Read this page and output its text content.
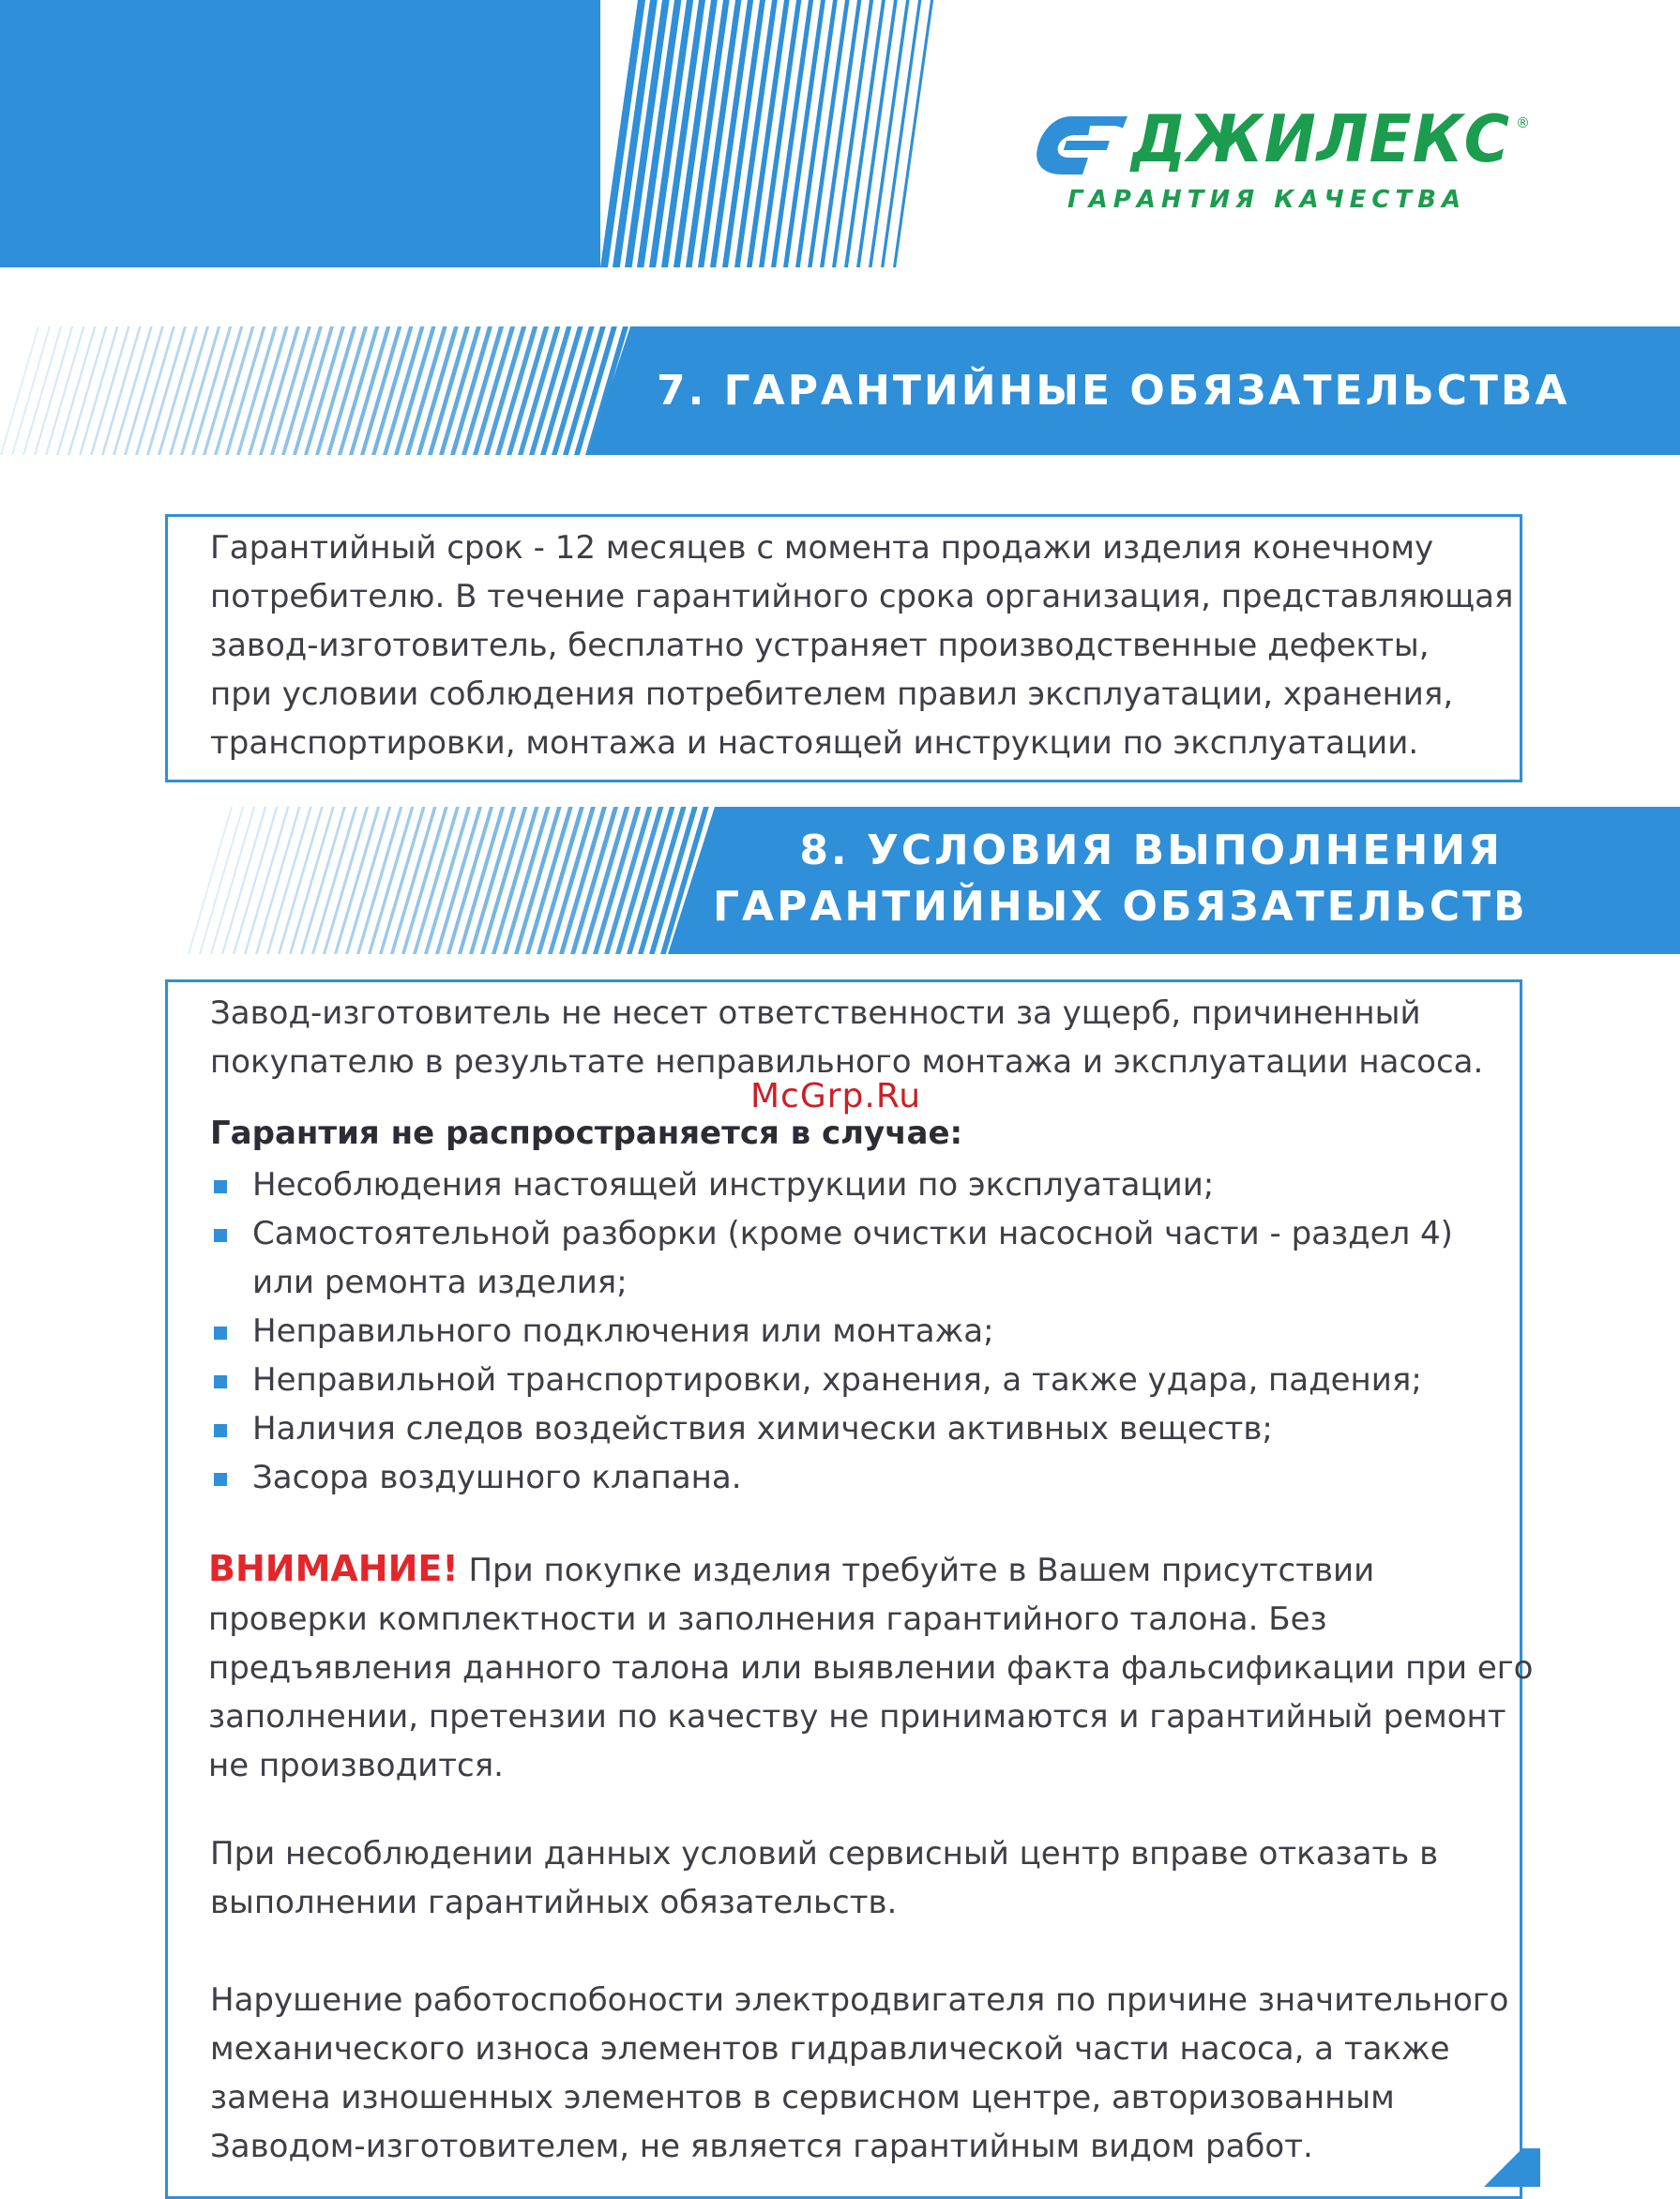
ДЖИЛЕКС ®
ГАРАНТИЯ КАЧЕСТВА
7. ГАРАНТИЙНЫЕ ОБЯЗАТЕЛЬСТВА
Гарантийный срок - 12 месяцев с момента продажи изделия конечному
потребителю. В течение гарантийного срока организация, представляющая
завод-изготовитель, бесплатно устраняет производственные дефекты,
при условии соблюдения потребителем правил эксплуатации, хранения,
транспортировки, монтажа и настоящей инструкции по эксплуатации.
8. УСЛОВИЯ ВЫПОЛНЕНИЯ
ГАРАНТИЙНЫХ ОБЯЗАТЕЛЬСТВ
Завод-изготовитель не несет ответственности за ущерб, причиненный
покупателю в результате неправильного монтажа и эксплуатации насоса.
McGrp.Ru
Гарантия не распространяется в случае:
Несоблюдения настоящей инструкции по эксплуатации;
Самостоятельной разборки (кроме очистки насосной части - раздел 4)
или ремонта изделия;
Неправильного подключения или монтажа;
Неправильной транспортировки, хранения, а также удара, падения;
Наличия следов воздействия химически активных веществ;
Засора воздушного клапана.
ВНИМАНИЕ! При покупке изделия требуйте в Вашем присутствии
проверки комплектности и заполнения гарантийного талона. Без
предъявления данного талона или выявлении факта фальсификации при его
заполнении, претензии по качеству не принимаются и гарантийный ремонт
не производится.
При несоблюдении данных условий сервисный центр вправе отказать в
выполнении гарантийных обязательств.
Нарушение работоспобоности электродвигателя по причине значительного
механического износа элементов гидравлической части насоса, а также
замена изношенных элементов в сервисном центре, авторизованным
Заводом-изготовителем, не является гарантийным видом работ.
